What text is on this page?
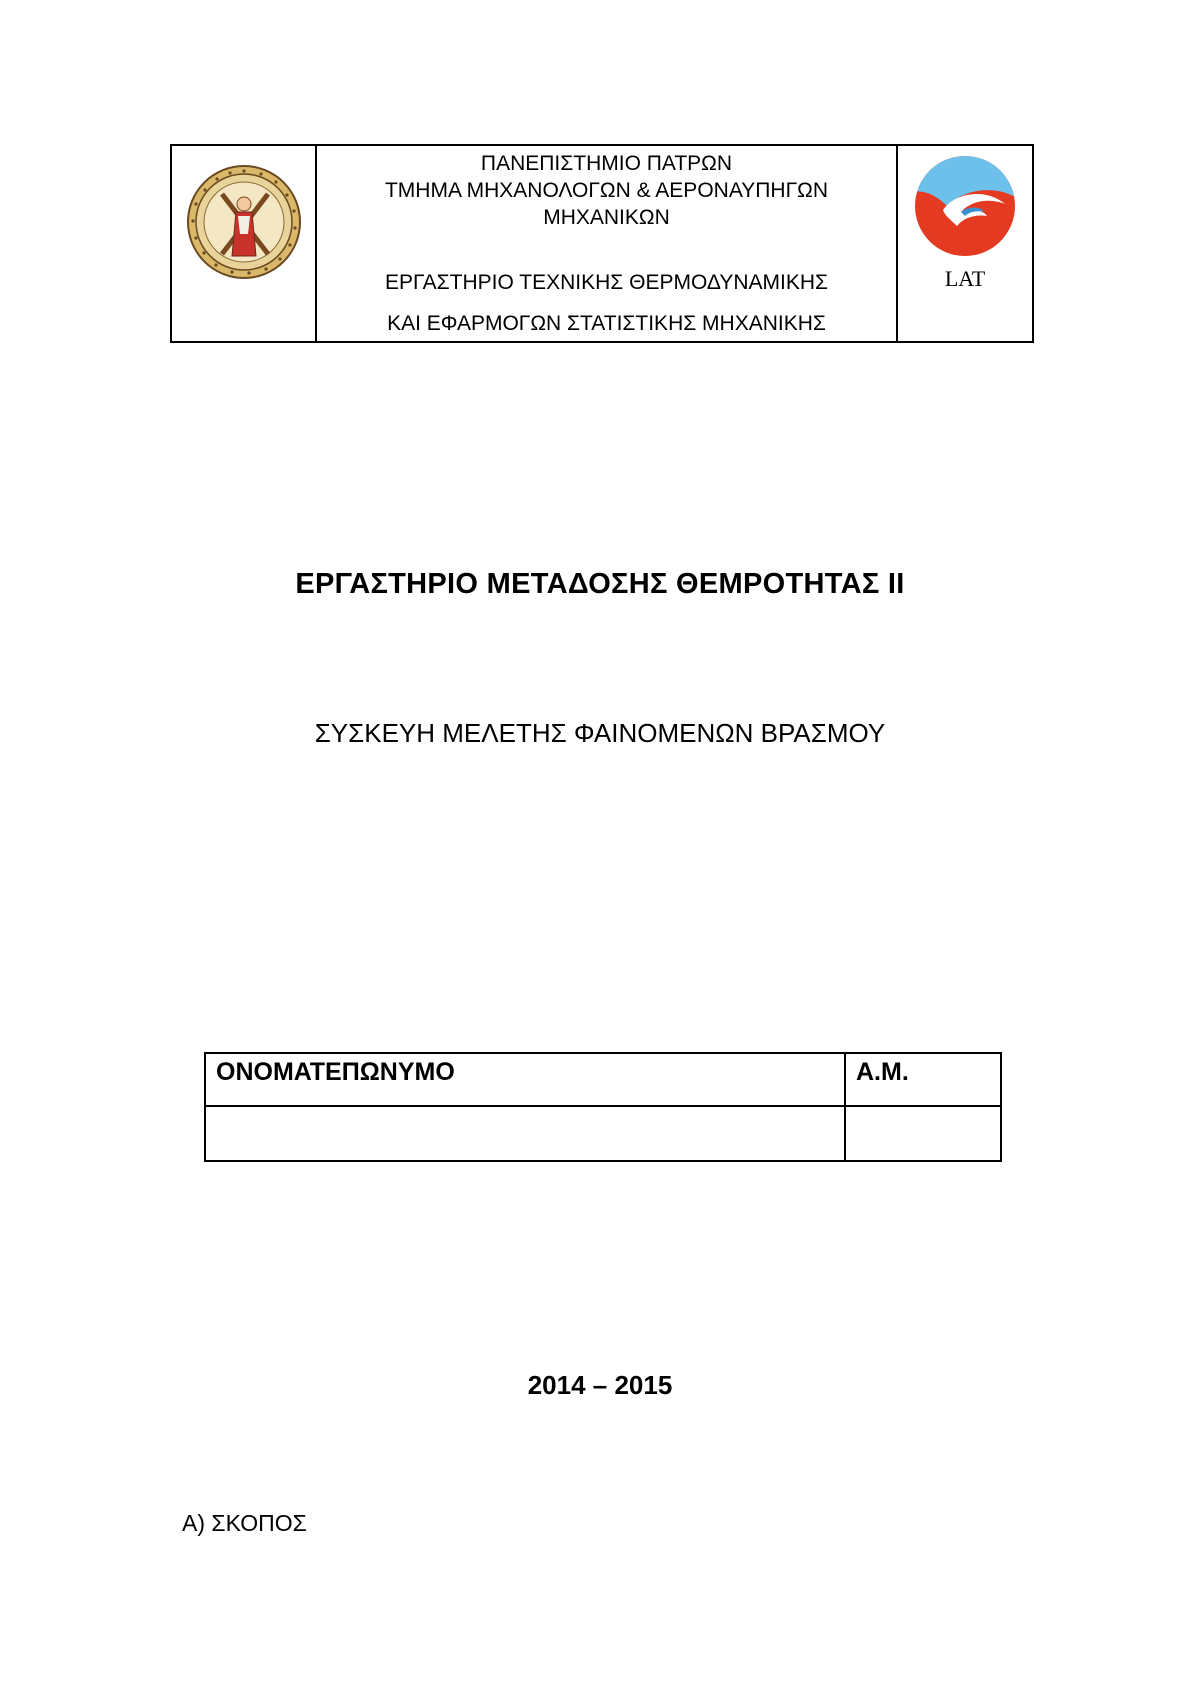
ΠΑΝΕΠΙΣΤΗΜΙΟ ΠΑΤΡΩΝ
ΤΜΗΜΑ ΜΗΧΑΝΟΛΟΓΩΝ & ΑΕΡΟΝΑΥΠΗΓΩΝ
ΜΗΧΑΝΙΚΩΝ
ΕΡΓΑΣΤΗΡΙΟ ΤΕΧΝΙΚΗΣ ΘΕΡΜΟΔΥΝΑΜΙΚΗΣ
ΚΑΙ ΕΦΑΡΜΟΓΩΝ ΣΤΑΤΙΣΤΙΚΗΣ ΜΗΧΑΝΙΚΗΣ
LAT
ΕΡΓΑΣΤΗΡΙΟ ΜΕΤΑΔΟΣΗΣ ΘΕΜΡΟΤΗΤΑΣ ΙΙ
ΣΥΣΚΕΥΗ ΜΕΛΕΤΗΣ ΦΑΙΝΟΜΕΝΩΝ ΒΡΑΣΜΟΥ
ΟΝΟΜΑΤΕΠΩΝΥΜΟ	Α.Μ.

2014 – 2015
Α) ΣΚΟΠΟΣ
